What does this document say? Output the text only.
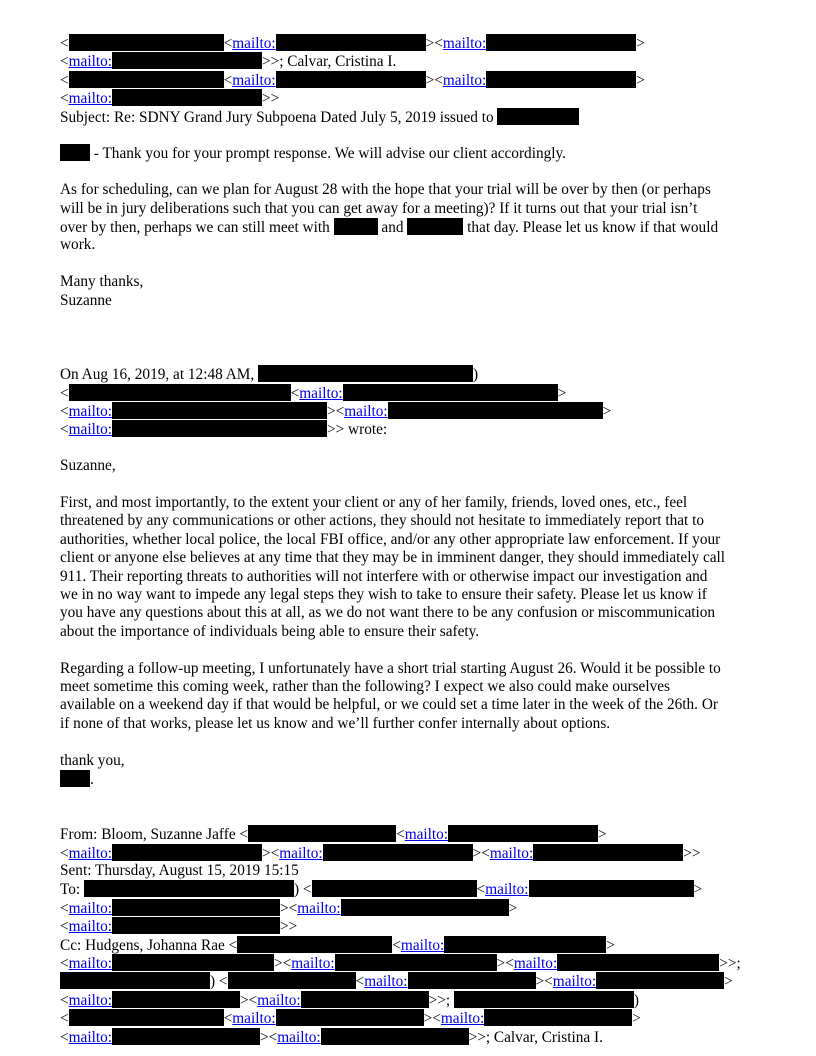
<	<mailto:	><mailto:	>
<mailto:	>>; Calvar, Cristina I.
<	<mailto:	><mailto:	>
<mailto:	>>
Subject: Re: SDNY Grand Jury Subpoena Dated July 5, 2019 issued to
- Thank you for your prompt response. We will advise our client accordingly.
As for scheduling, can we plan for August 28 with the hope that your trial will be over by then (or perhaps
will be in jury deliberations such that you can get away for a meeting)? If it turns out that your trial isn’t
over by then, perhaps we can still meet with	and	that day. Please let us know if that would
work.
Many thanks,
Suzanne
On Aug 16, 2019, at 12:48 AM,	)
<	<mailto:	>
<mailto:	><mailto:	>
<mailto:	>> wrote:
Suzanne,
First, and most importantly, to the extent your client or any of her family, friends, loved ones, etc., feel
threatened by any communications or other actions, they should not hesitate to immediately report that to
authorities, whether local police, the local FBI office, and/or any other appropriate law enforcement. If your
client or anyone else believes at any time that they may be in imminent danger, they should immediately call
911. Their reporting threats to authorities will not interfere with or otherwise impact our investigation and
we in no way want to impede any legal steps they wish to take to ensure their safety. Please let us know if
you have any questions about this at all, as we do not want there to be any confusion or miscommunication
about the importance of individuals being able to ensure their safety.
Regarding a follow-up meeting, I unfortunately have a short trial starting August 26. Would it be possible to
meet sometime this coming week, rather than the following? I expect we also could make ourselves
available on a weekend day if that would be helpful, or we could set a time later in the week of the 26th. Or
if none of that works, please let us know and we’ll further confer internally about options.
thank you,
.
From: Bloom, Suzanne Jaffe <	<mailto:	>
<mailto:	><mailto:	><mailto:	>>
Sent: Thursday, August 15, 2019 15:15
To:	) <	<mailto:	>
<mailto:	><mailto:	>
<mailto:	>>
Cc: Hudgens, Johanna Rae <	<mailto:	>
<mailto:	><mailto:	><mailto:	>>;
) <	<mailto:	><mailto:	>
<mailto:	><mailto:	>>;	)
<	<mailto:	><mailto:	>
<mailto:	><mailto:	>>; Calvar, Cristina I.
